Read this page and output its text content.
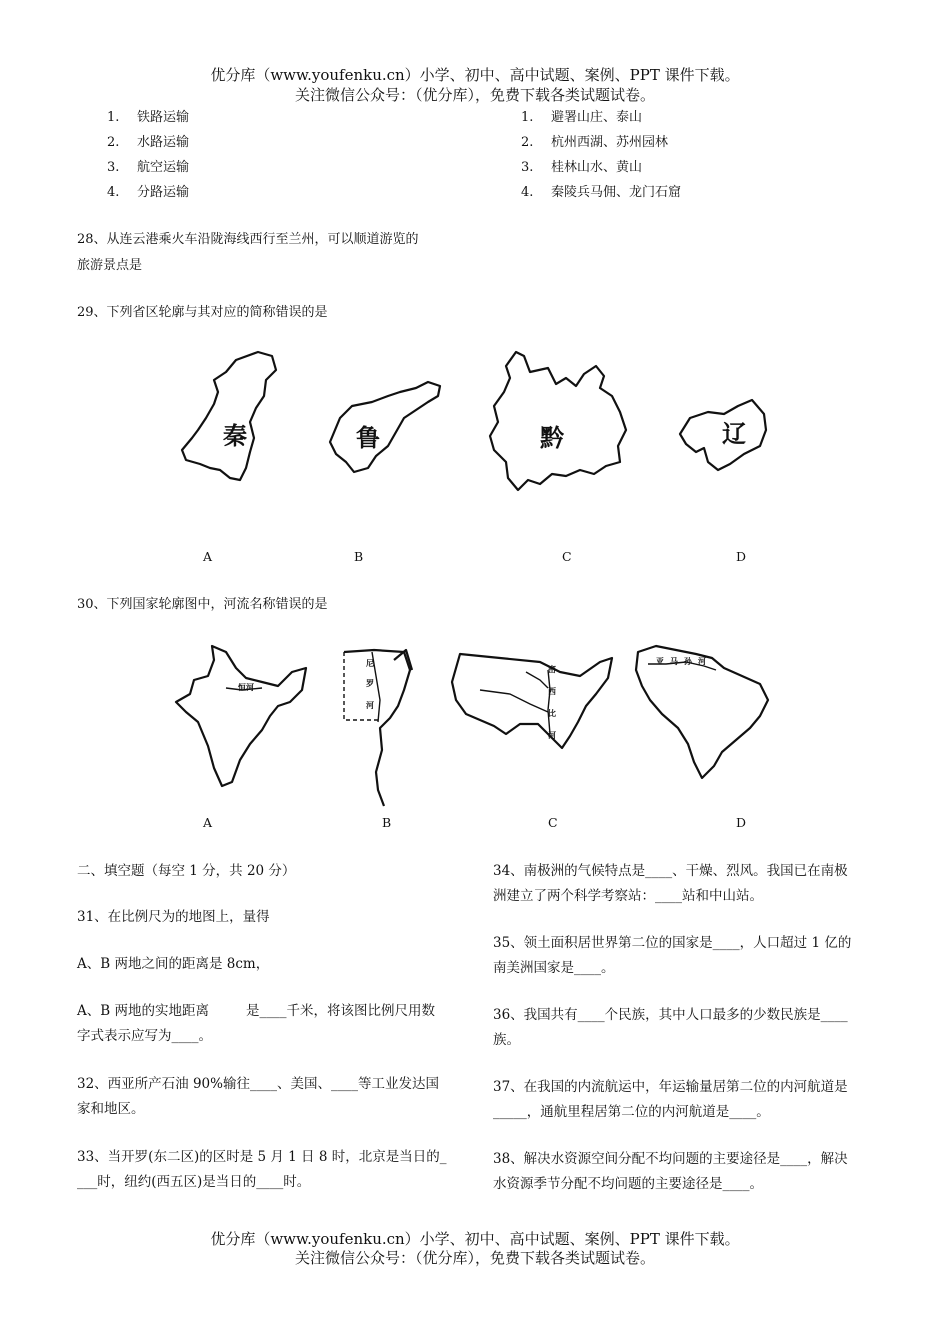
优分库（www.youfenku.cn）小学、初中、高中试题、案例、PPT 课件下载。
关注微信公众号：（优分库），免费下载各类试题试卷。
1. 铁路运输
2. 水路运输
3. 航空运输
4. 分路运输
1. 避署山庄、泰山
2. 杭州西湖、苏州园林
3. 桂林山水、黄山
4. 秦陵兵马佣、龙门石窟
28、从连云港乘火车沿陇海线西行至兰州，可以顺道游览的
旅游景点是
29、下列省区轮廓与其对应的简称错误的是
秦	鲁	黔	辽
A	B	C	D
30、下列国家轮廓图中，河流名称错误的是
恒河
尼
罗
河
密
西
比
河
亚 马 孙 河
A	B	C	D
二、填空题（每空 1 分，共 20 分）
31、在比例尺为的地图上，量得
A、B 两地之间的距离是 8cm，
A、B 两地的实地距离	是____千米，将该图比例尺用数
字式表示应写为____。
32、西亚所产石油 90%输往____、美国、____等工业发达国
家和地区。
33、当开罗(东二区)的区时是 5 月 1 日 8 时，北京是当日的_
___时，纽约(西五区)是当日的____时。
34、南极洲的气候特点是____、干燥、烈风。我国已在南极
洲建立了两个科学考察站：____站和中山站。
35、领土面积居世界第二位的国家是____，人口超过 1 亿的
南美洲国家是____。
36、我国共有____个民族，其中人口最多的少数民族是____
族。
37、在我国的内流航运中，年运输量居第二位的内河航道是
_____，通航里程居第二位的内河航道是____。
38、解决水资源空间分配不均问题的主要途径是____，解决
水资源季节分配不均问题的主要途径是____。
优分库（www.youfenku.cn）小学、初中、高中试题、案例、PPT 课件下载。
关注微信公众号：（优分库），免费下载各类试题试卷。
